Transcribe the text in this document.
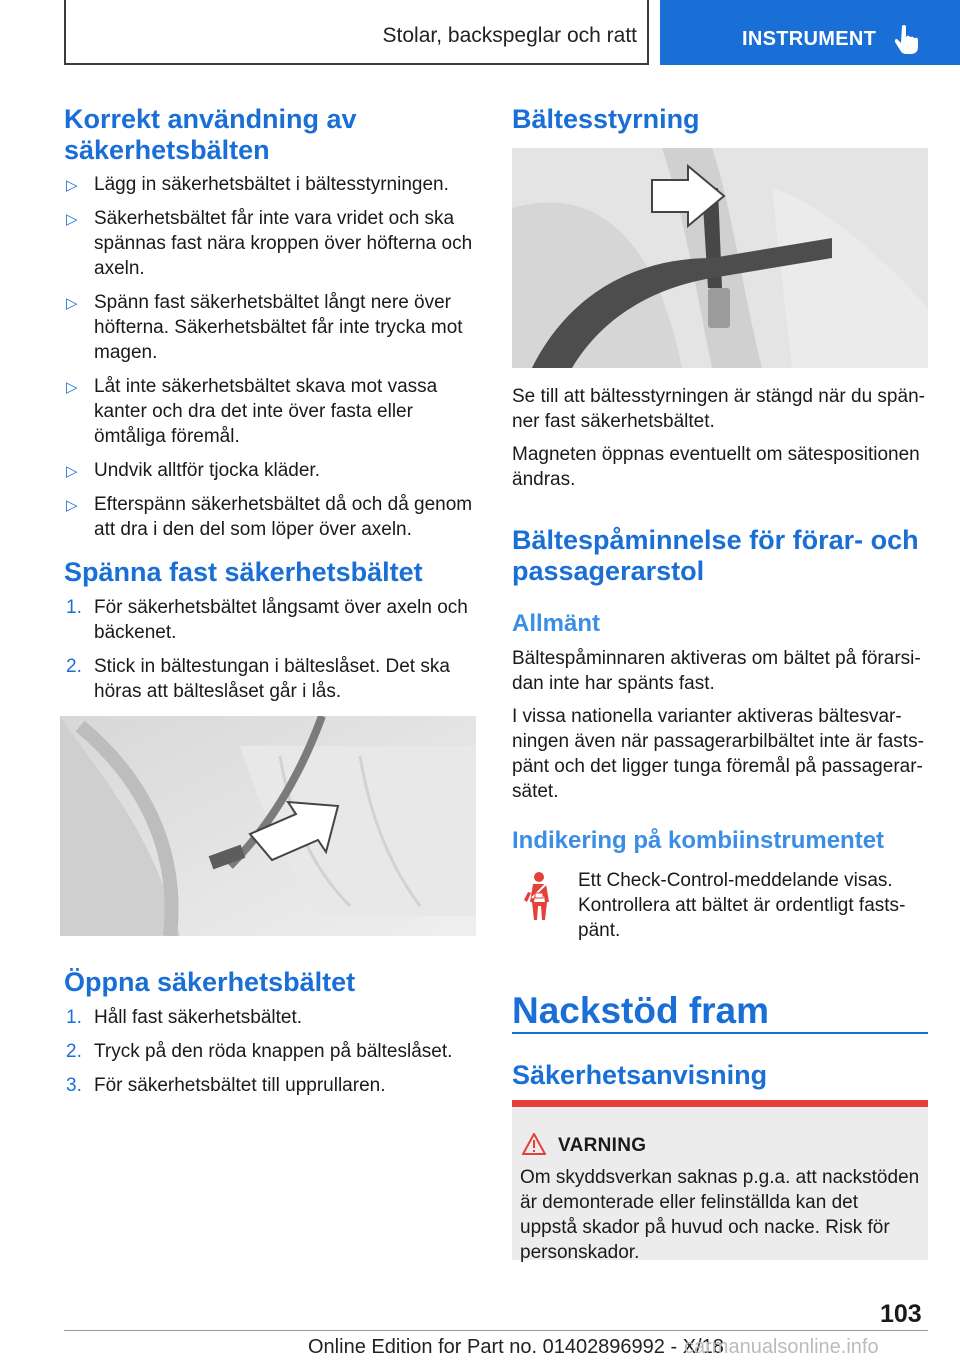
Stolar, backspeglar och ratt	INSTRUMENT
Korrekt användning av säkerhetsbälten
▷ Lägg in säkerhetsbältet i bältesstyrningen.
▷ Säkerhetsbältet får inte vara vridet och ska spännas fast nära kroppen över höfterna och axeln.
▷ Spänn fast säkerhetsbältet långt nere över höfterna. Säkerhetsbältet får inte trycka mot magen.
▷ Låt inte säkerhetsbältet skava mot vassa kanter och dra det inte över fasta eller ömtåliga föremål.
▷ Undvik alltför tjocka kläder.
▷ Efterspänn säkerhetsbältet då och då genom att dra i den del som löper över axeln.
Spänna fast säkerhetsbältet
1. För säkerhetsbältet långsamt över axeln och bäckenet.
2. Stick in bältestungan i bälteslåset. Det ska höras att bälteslåset går i lås.
Öppna säkerhetsbältet
1. Håll fast säkerhetsbältet.
2. Tryck på den röda knappen på bälteslåset.
3. För säkerhetsbältet till upprullaren.
Bältesstyrning

Se till att bältesstyrningen är stängd när du spänner fast säkerhetsbältet.

Magneten öppnas eventuellt om sätespositionen ändras.

Bältespåminnelse för förar- och passagerarstol
Allmänt

Bältespåminnaren aktiveras om bältet på förarsidan inte har spänts fast.

I vissa nationella varianter aktiveras bältesvarningen även när passagerarbilbältet inte är fastspänt och det ligger tunga föremål på passagerarsätet.

Indikering på kombiinstrumentet

Ett Check-Control-meddelande visas. Kontrollera att bältet är ordentligt fastspänt.

Nackstöd fram
Säkerhetsanvisning
VARNING

Om skyddsverkan saknas p.g.a. att nackstöden är demonterade eller felinställda kan det uppstå skador på huvud och nacke. Risk för personskador.

103
Online Edition for Part no. 01402896992 - X/18
carmanualsonline.info
